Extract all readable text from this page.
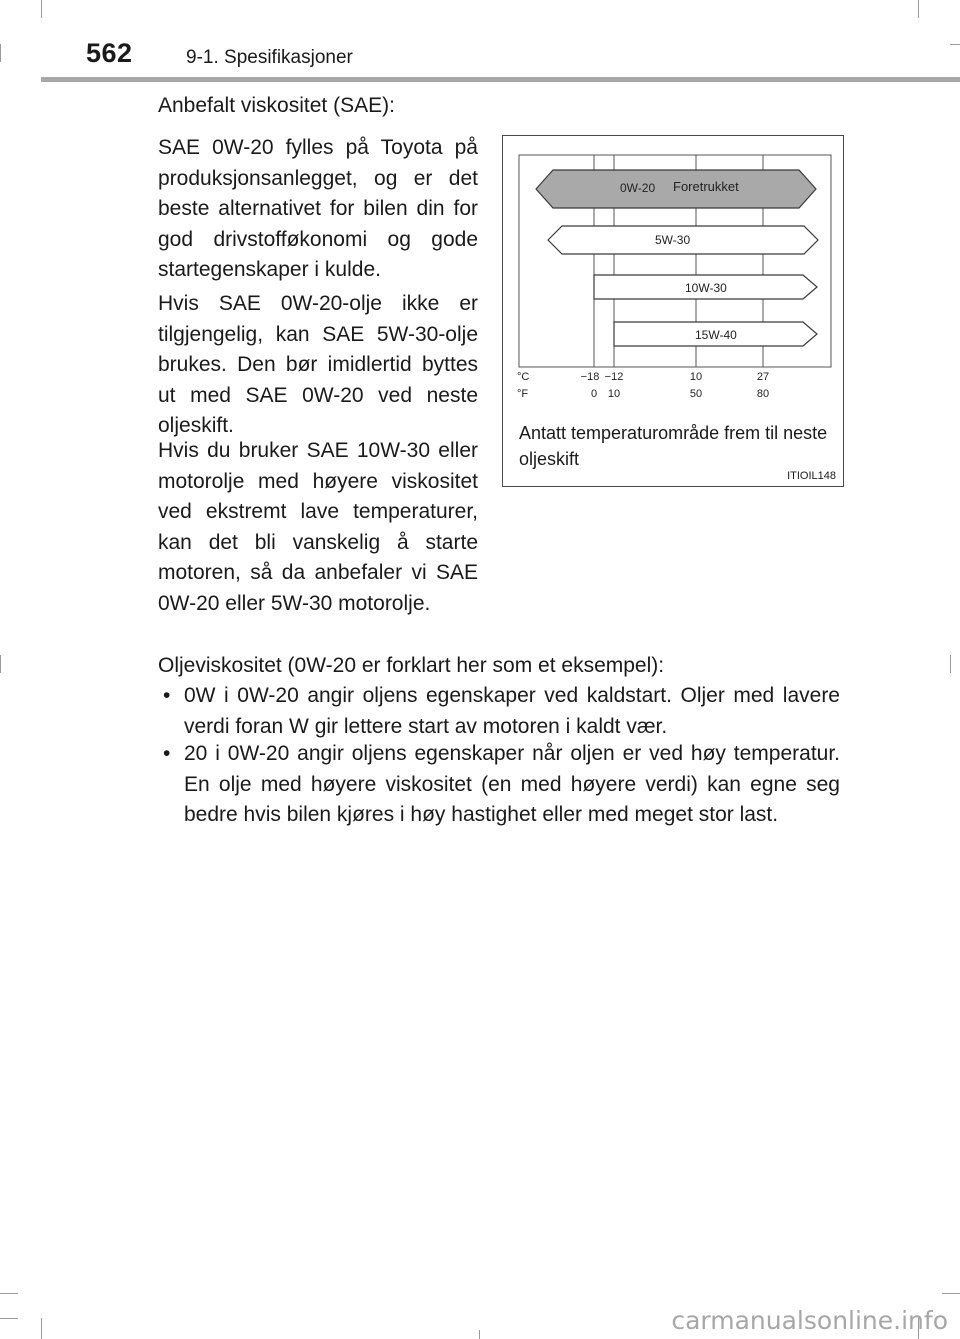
562	9-1. Spesifikasjoner

Anbefalt viskositet (SAE):

SAE 0W-20 fylles på Toyota på produksjonsanlegget, og er det beste alternativet for bilen din for god drivstofføkonomi og gode startegenskaper i kulde.

Hvis SAE 0W-20-olje ikke er tilgjengelig, kan SAE 5W-30-olje brukes. Den bør imidlertid byttes ut med SAE 0W-20 ved neste oljeskift.

Hvis du bruker SAE 10W-30 eller motorolje med høyere viskositet ved ekstremt lave temperaturer, kan det bli vanskelig å starte motoren, så da anbefaler vi SAE 0W-20 eller 5W-30 motorolje.

Oljeviskositet (0W-20 er forklart her som et eksempel):

• 0W i 0W-20 angir oljens egenskaper ved kaldstart. Oljer med lavere verdi foran W gir lettere start av motoren i kaldt vær.
• 20 i 0W-20 angir oljens egenskaper når oljen er ved høy temperatur. En olje med høyere viskositet (en med høyere verdi) kan egne seg bedre hvis bilen kjøres i høy hastighet eller med meget stor last.
0W-20 Foretrukket
5W-30
10W-30
15W-40
°C
°F
−18 −12	10	27
0 10	50	80

Antatt temperaturområde frem til neste oljeskift

ITIOIL148
carmanualsonline.info
